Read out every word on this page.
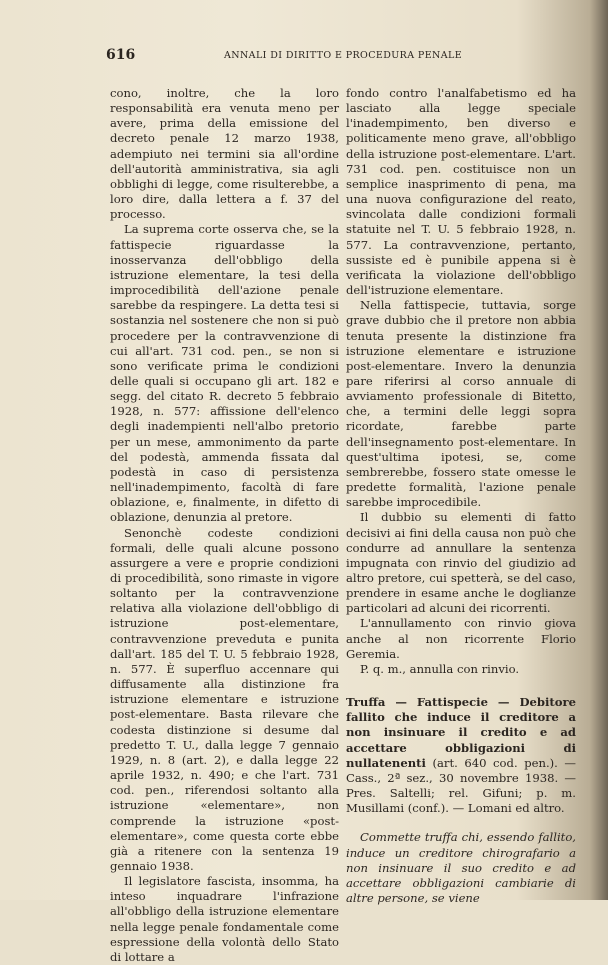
616	ANNALI DI DIRITTO E PROCEDURA PENALE

cono, inoltre, che la loro responsabilità era venuta meno per avere, prima della emissione del decreto penale 12 marzo 1938, adempiuto nei termini sia all'ordine dell'autorità amministrativa, sia agli obblighi di legge, come risulterebbe, a loro dire, dalla lettera a f. 37 del processo.

La suprema corte osserva che, se la fattispecie riguardasse la inosservanza dell'obbligo della istruzione elementare, la tesi della improcedibilità dell'azione penale sarebbe da respingere. La detta tesi si sostanzia nel sostenere che non si può procedere per la contravvenzione di cui all'art. 731 cod. pen., se non si sono verificate prima le condizioni delle quali si occupano gli art. 182 e segg. del citato R. decreto 5 febbraio 1928, n. 577: affissione dell'elenco degli inadempienti nell'albo pretorio per un mese, ammonimento da parte del podestà, ammenda fissata dal podestà in caso di persistenza nell'inadempimento, facoltà di fare oblazione, e, finalmente, in difetto di oblazione, denunzia al pretore.

Senonchè codeste condizioni formali, delle quali alcune possono assurgere a vere e proprie condizioni di procedibilità, sono rimaste in vigore soltanto per la contravvenzione relativa alla violazione dell'obbligo di istruzione post-elementare, contravvenzione preveduta e punita dall'art. 185 del T. U. 5 febbraio 1928, n. 577. È superfluo accennare qui diffusamente alla distinzione fra istruzione elementare e istruzione post-elementare. Basta rilevare che codesta distinzione si desume dal predetto T. U., dalla legge 7 gennaio 1929, n. 8 (art. 2), e dalla legge 22 aprile 1932, n. 490; e che l'art. 731 cod. pen., riferendosi soltanto alla istruzione «elementare», non comprende la istruzione «post-elementare», come questa corte ebbe già a ritenere con la sentenza 19 gennaio 1938.

Il legislatore fascista, insomma, ha inteso inquadrare l'infrazione all'obbligo della istruzione elementare nella legge penale fondamentale come espressione della volontà dello Stato di lottare a

fondo contro l'analfabetismo ed ha lasciato alla legge speciale l'inadempimento, ben diverso e politicamente meno grave, all'obbligo della istruzione post-elementare. L'art. 731 cod. pen. costituisce non un semplice inasprimento di pena, ma una nuova configurazione del reato, svincolata dalle condizioni formali statuite nel T. U. 5 febbraio 1928, n. 577. La contravvenzione, pertanto, sussiste ed è punibile appena si è verificata la violazione dell'obbligo dell'istruzione elementare.

Nella fattispecie, tuttavia, sorge grave dubbio che il pretore non abbia tenuta presente la distinzione fra istruzione elementare e istruzione post-elementare. Invero la denunzia pare riferirsi al corso annuale di avviamento professionale di Bitetto, che, a termini delle leggi sopra ricordate, farebbe parte dell'insegnamento post-elementare. In quest'ultima ipotesi, se, come sembrerebbe, fossero state omesse le predette formalità, l'azione penale sarebbe improcedibile.

Il dubbio su elementi di fatto decisivi ai fini della causa non può che condurre ad annullare la sentenza impugnata con rinvio del giudizio ad altro pretore, cui spetterà, se del caso, prendere in esame anche le doglianze particolari ad alcuni dei ricorrenti.

L'annullamento con rinvio giova anche al non ricorrente Florio Geremia.

P. q. m., annulla con rinvio.

Truffa — Fattispecie — Debitore fallito che induce il creditore a non insinuare il credito e ad accettare obbligazioni di nullatenenti (art. 640 cod. pen.). — Cass., 2ª sez., 30 novembre 1938. — Pres. Saltelli; rel. Gifuni; p. m. Musillami (conf.). — Lomani ed altro.

Commette truffa chi, essendo fallito, induce un creditore chirografario a non insinuare il suo credito e ad accettare obbligazioni cambiarie di altre persone, se viene
